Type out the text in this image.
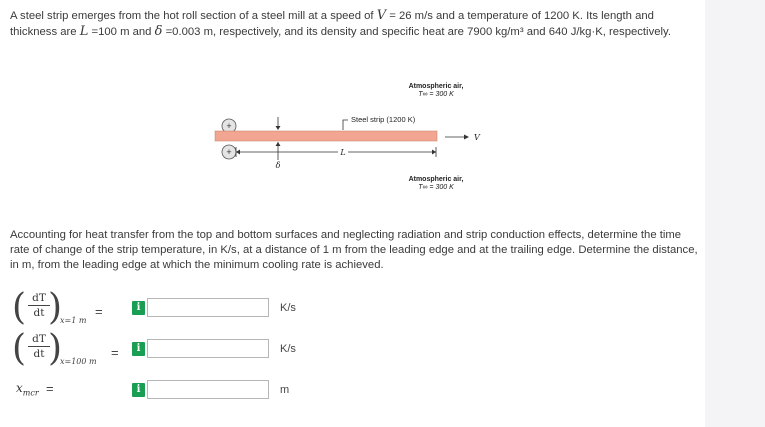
A steel strip emerges from the hot roll section of a steel mill at a speed of V = 26 m/s and a temperature of 1200 K. Its length and thickness are L =100 m and δ =0.003 m, respectively, and its density and specific heat are 7900 kg/m³ and 640 J/kg·K, respectively.

Atmospheric air,
T∞ = 300 K
Steel strip (1200 K)
+
V
+
δ
L
Atmospheric air,
T∞ = 300 K

Accounting for heat transfer from the top and bottom surfaces and neglecting radiation and strip conduction effects, determine the time rate of change of the strip temperature, in K/s, at a distance of 1 m from the leading edge and at the trailing edge. Determine the distance, in m, from the leading edge at which the minimum cooling rate is achieved.

( $\frac{dT}{dt}$
)
x=1 m
=	i	K/s
( $\frac{dT}{dt}$
)
x=100 m
=	i	K/s
$x_{mcr}$ =	i	m
